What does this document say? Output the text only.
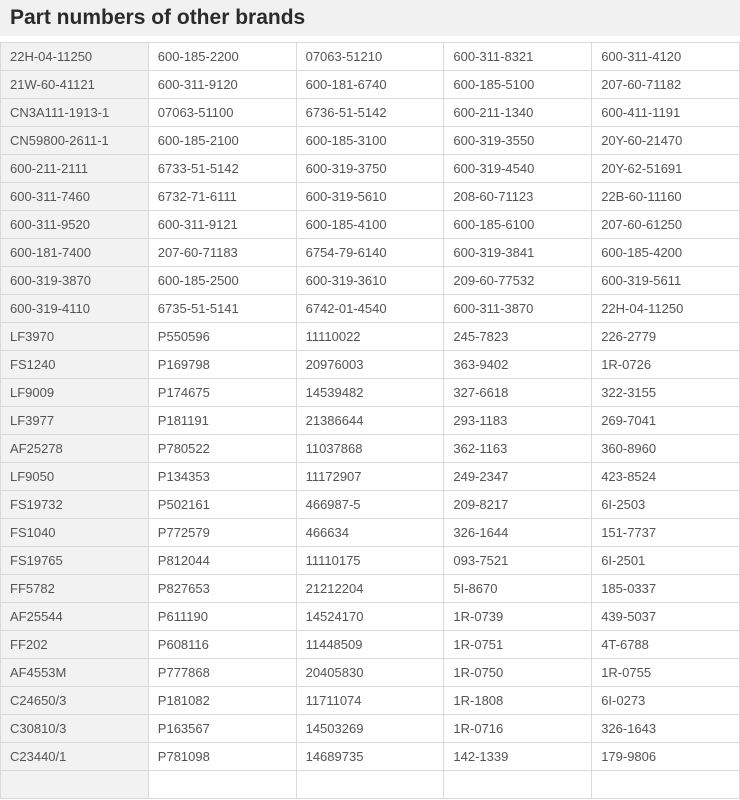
Part numbers of other brands
22H-04-11250	600-185-2200	07063-51210	600-311-8321	600-311-4120
21W-60-41121	600-311-9120	600-181-6740	600-185-5100	207-60-71182
CN3A111-1913-1	07063-51100	6736-51-5142	600-211-1340	600-411-1191
CN59800-2611-1	600-185-2100	600-185-3100	600-319-3550	20Y-60-21470
600-211-2111	6733-51-5142	600-319-3750	600-319-4540	20Y-62-51691
600-311-7460	6732-71-6111	600-319-5610	208-60-71123	22B-60-11160
600-311-9520	600-311-9121	600-185-4100	600-185-6100	207-60-61250
600-181-7400	207-60-71183	6754-79-6140	600-319-3841	600-185-4200
600-319-3870	600-185-2500	600-319-3610	209-60-77532	600-319-5611
600-319-4110	6735-51-5141	6742-01-4540	600-311-3870	22H-04-11250
LF3970	P550596	11110022	245-7823	226-2779
FS1240	P169798	20976003	363-9402	1R-0726
LF9009	P174675	14539482	327-6618	322-3155
LF3977	P181191	21386644	293-1183	269-7041
AF25278	P780522	11037868	362-1163	360-8960
LF9050	P134353	11172907	249-2347	423-8524
FS19732	P502161	466987-5	209-8217	6I-2503
FS1040	P772579	466634	326-1644	151-7737
FS19765	P812044	11110175	093-7521	6I-2501
FF5782	P827653	21212204	5I-8670	185-0337
AF25544	P611190	14524170	1R-0739	439-5037
FF202	P608116	11448509	1R-0751	4T-6788
AF4553M	P777868	20405830	1R-0750	1R-0755
C24650/3	P181082	11711074	1R-1808	6I-0273
C30810/3	P163567	14503269	1R-0716	326-1643
C23440/1	P781098	14689735	142-1339	179-9806
